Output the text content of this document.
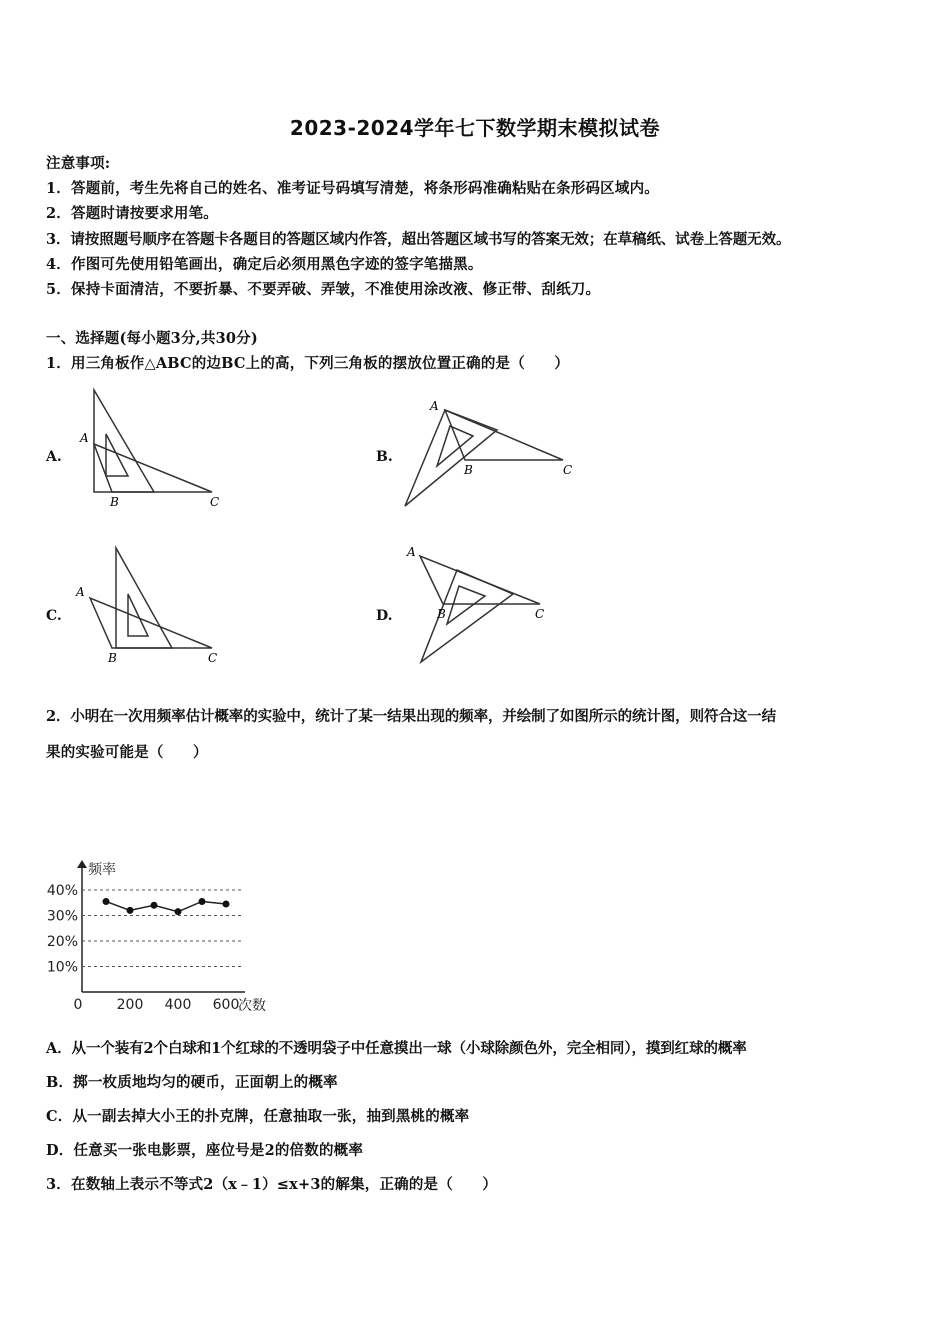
2023-2024学年七下数学期末模拟试卷
注意事项:
1．答题前，考生先将自己的姓名、准考证号码填写清楚，将条形码准确粘贴在条形码区域内。
2．答题时请按要求用笔。
3．请按照题号顺序在答题卡各题目的答题区域内作答，超出答题区域书写的答案无效；在草稿纸、试卷上答题无效。
4．作图可先使用铅笔画出，确定后必须用黑色字迹的签字笔描黑。
5．保持卡面清洁，不要折暴、不要弄破、弄皱，不准使用涂改液、修正带、刮纸刀。
一、选择题(每小题3分,共30分)
1．用三角板作△ABC的边BC上的高，下列三角板的摆放位置正确的是（　　）
A.	B.
C.	D.
A
B	C
A
B	C
A
B	C
A
B	C
2．小明在一次用频率估计概率的实验中，统计了某一结果出现的频率，并绘制了如图所示的统计图，则符合这一结
果的实验可能是（　　）
频率
次数
10%
20%
30%
40%
0 200 400 600
A．从一个装有2个白球和1个红球的不透明袋子中任意摸出一球（小球除颜色外，完全相同），摸到红球的概率
B．掷一枚质地均匀的硬币，正面朝上的概率
C．从一副去掉大小王的扑克牌，任意抽取一张，抽到黑桃的概率
D．任意买一张电影票，座位号是2的倍数的概率
3．在数轴上表示不等式2（x﹣1）≤x+3的解集，正确的是（　　）
